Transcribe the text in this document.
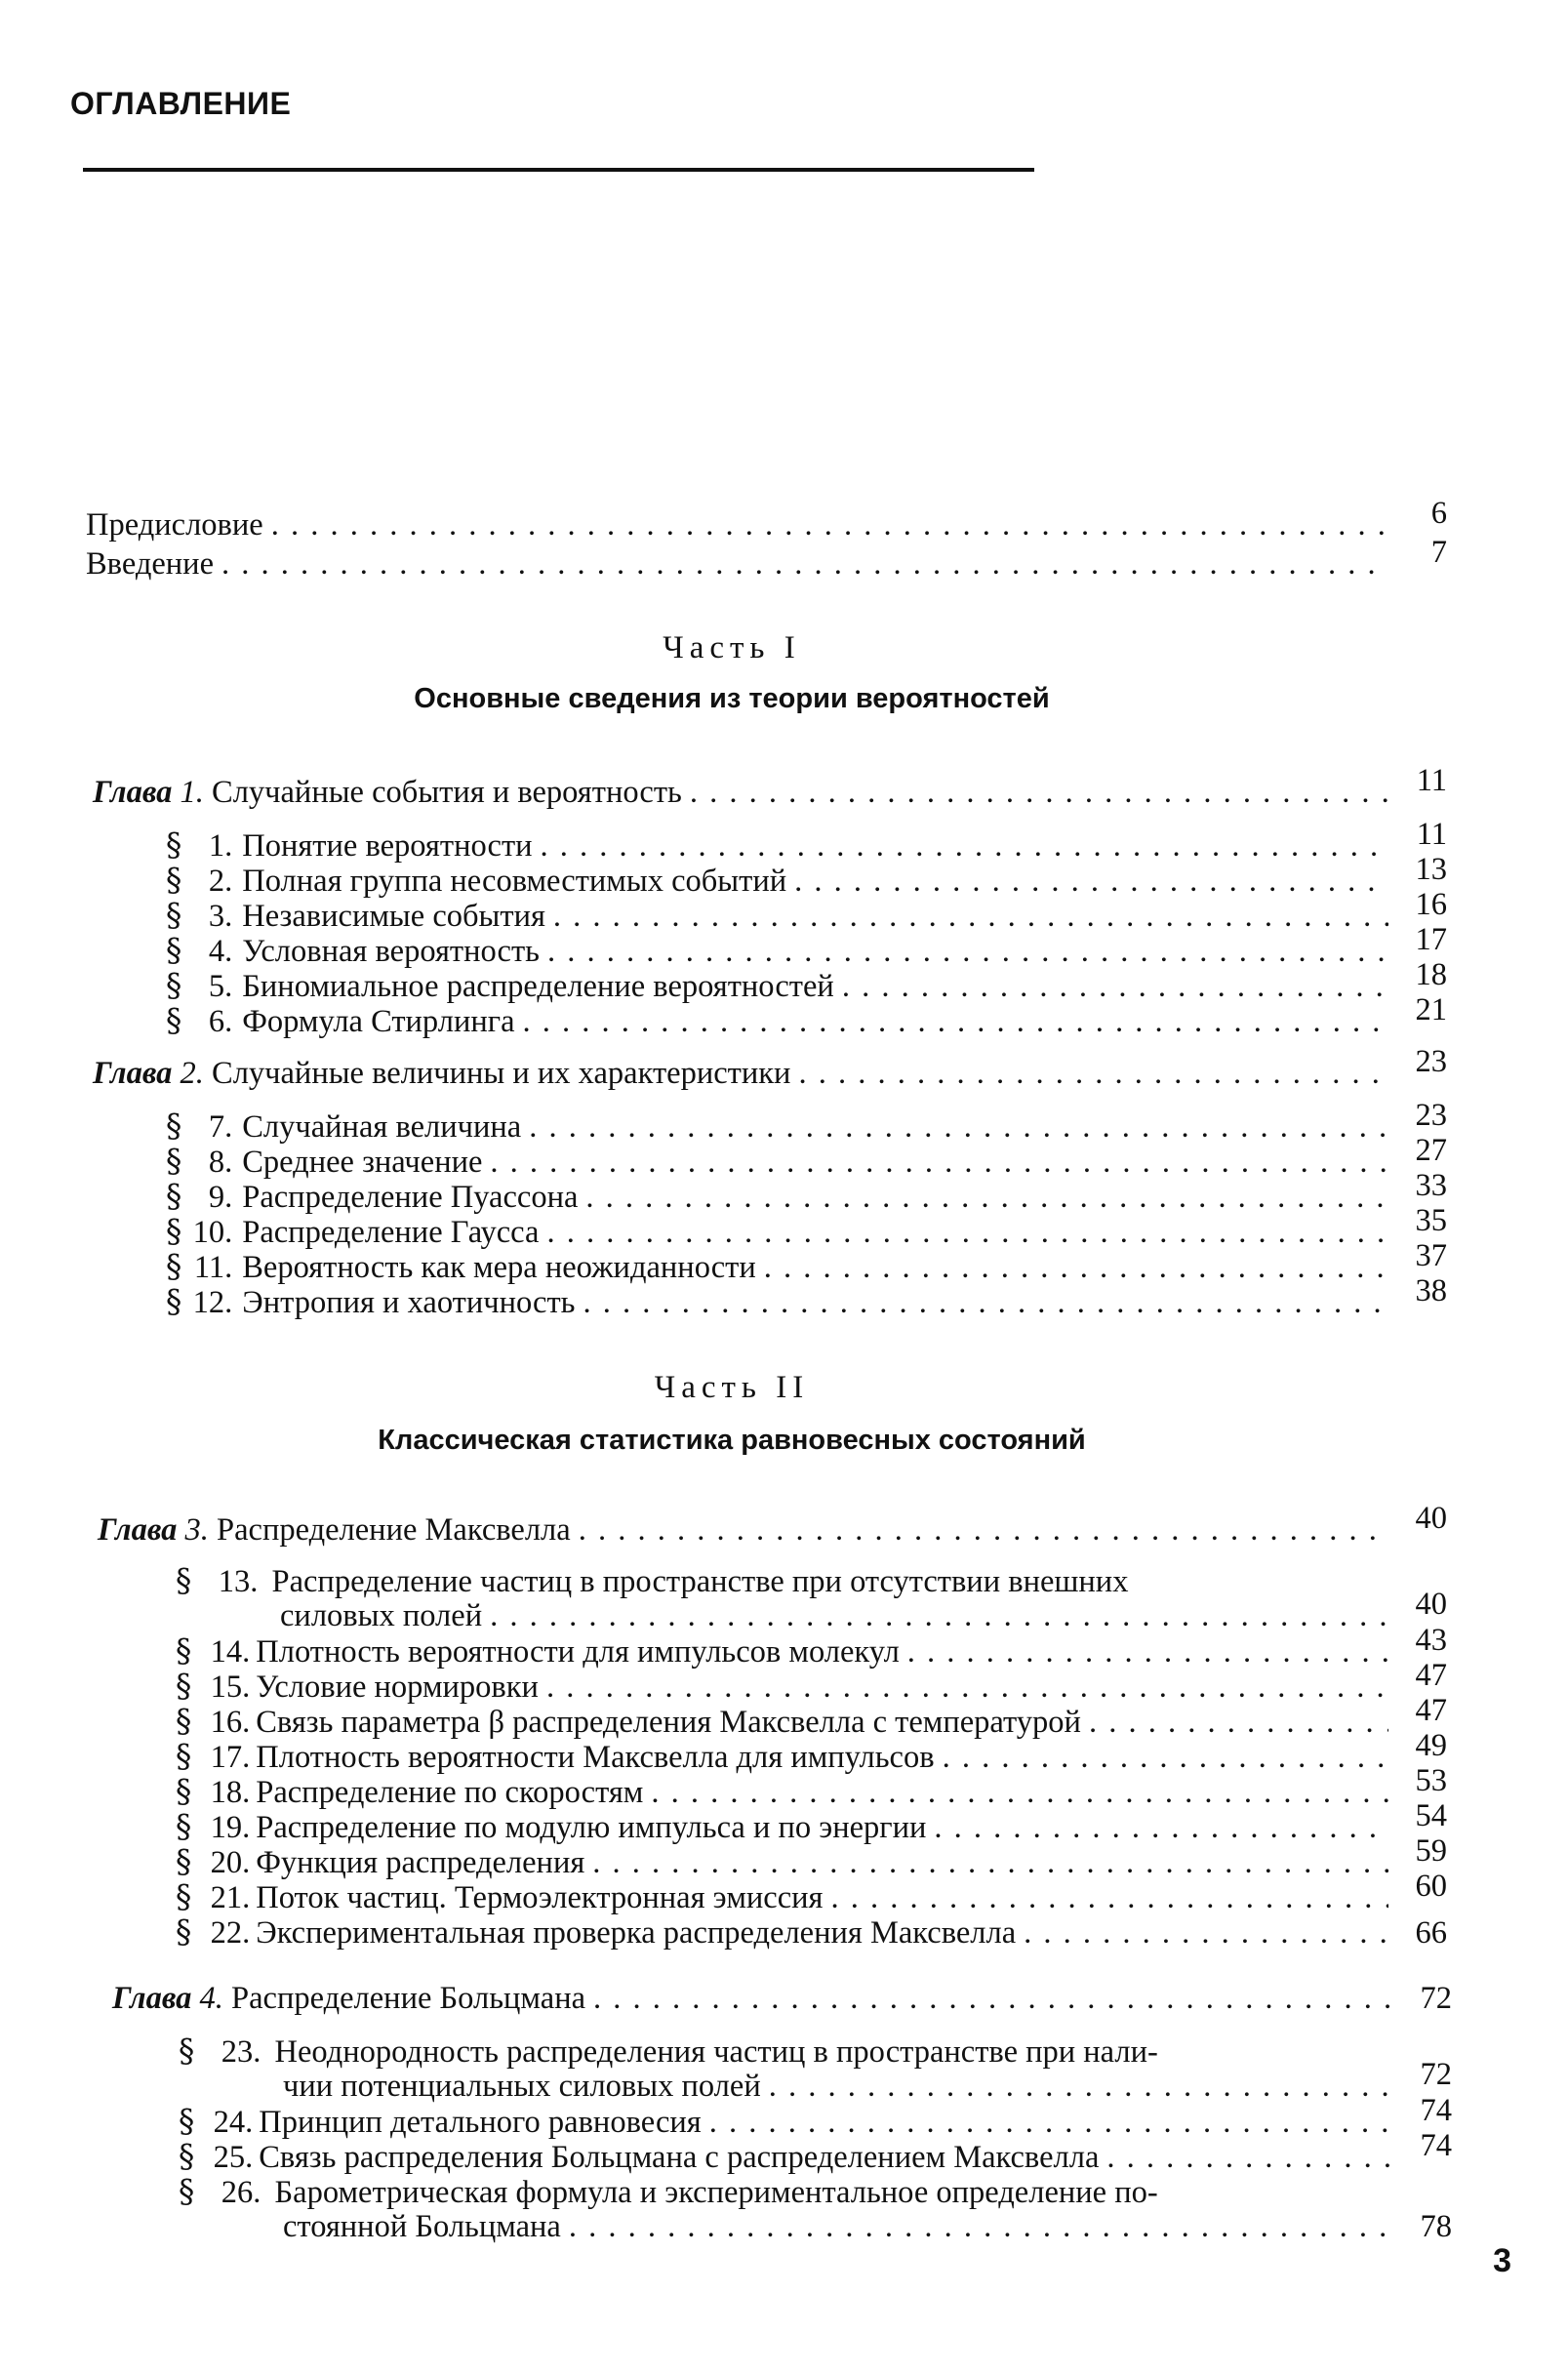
ОГЛАВЛЕНИЕ
Предисловие . . .	6
Введение . . .	7
Часть I
Основные сведения из теории вероятностей
Глава 1. Случайные события и вероятность . . .	11
§ 1. Понятие вероятности . . .	11
§ 2. Полная группа несовместимых событий . . .	13
§ 3. Независимые события . . .	16
§ 4. Условная вероятность . . .	17
§ 5. Биномиальное распределение вероятностей . . .	18
§ 6. Формула Стирлинга . . .	21
Глава 2. Случайные величины и их характеристики . . .	23
§ 7. Случайная величина . . .	23
§ 8. Среднее значение . . .	27
§ 9. Распределение Пуассона . . .	33
§ 10. Распределение Гаусса . . .	35
§ 11. Вероятность как мера неожиданности . . .	37
§ 12. Энтропия и хаотичность . . .	38
Часть II
Классическая статистика равновесных состояний
Глава 3. Распределение Максвелла . . .	40
§ 13. Распределение частиц в пространстве при отсутствии внешних
силовых полей . . .	40
§ 14. Плотность вероятности для импульсов молекул . . .	43
§ 15. Условие нормировки . . .	47
§ 16. Связь параметра β распределения Максвелла с температурой . . .	47
§ 17. Плотность вероятности Максвелла для импульсов . . .	49
§ 18. Распределение по скоростям . . .	53
§ 19. Распределение по модулю импульса и по энергии . . .	54
§ 20. Функция распределения . . .	59
§ 21. Поток частиц. Термоэлектронная эмиссия . . .	60
§ 22. Экспериментальная проверка распределения Максвелла . . .	66
Глава 4. Распределение Больцмана . . .	72
§ 23. Неоднородность распределения частиц в пространстве при нали-
чии потенциальных силовых полей . . .	72
§ 24. Принцип детального равновесия . . .	74
§ 25. Связь распределения Больцмана с распределением Максвелла . . .	74
§ 26. Барометрическая формула и экспериментальное определение по-
стоянной Больцмана . . .	78
3
